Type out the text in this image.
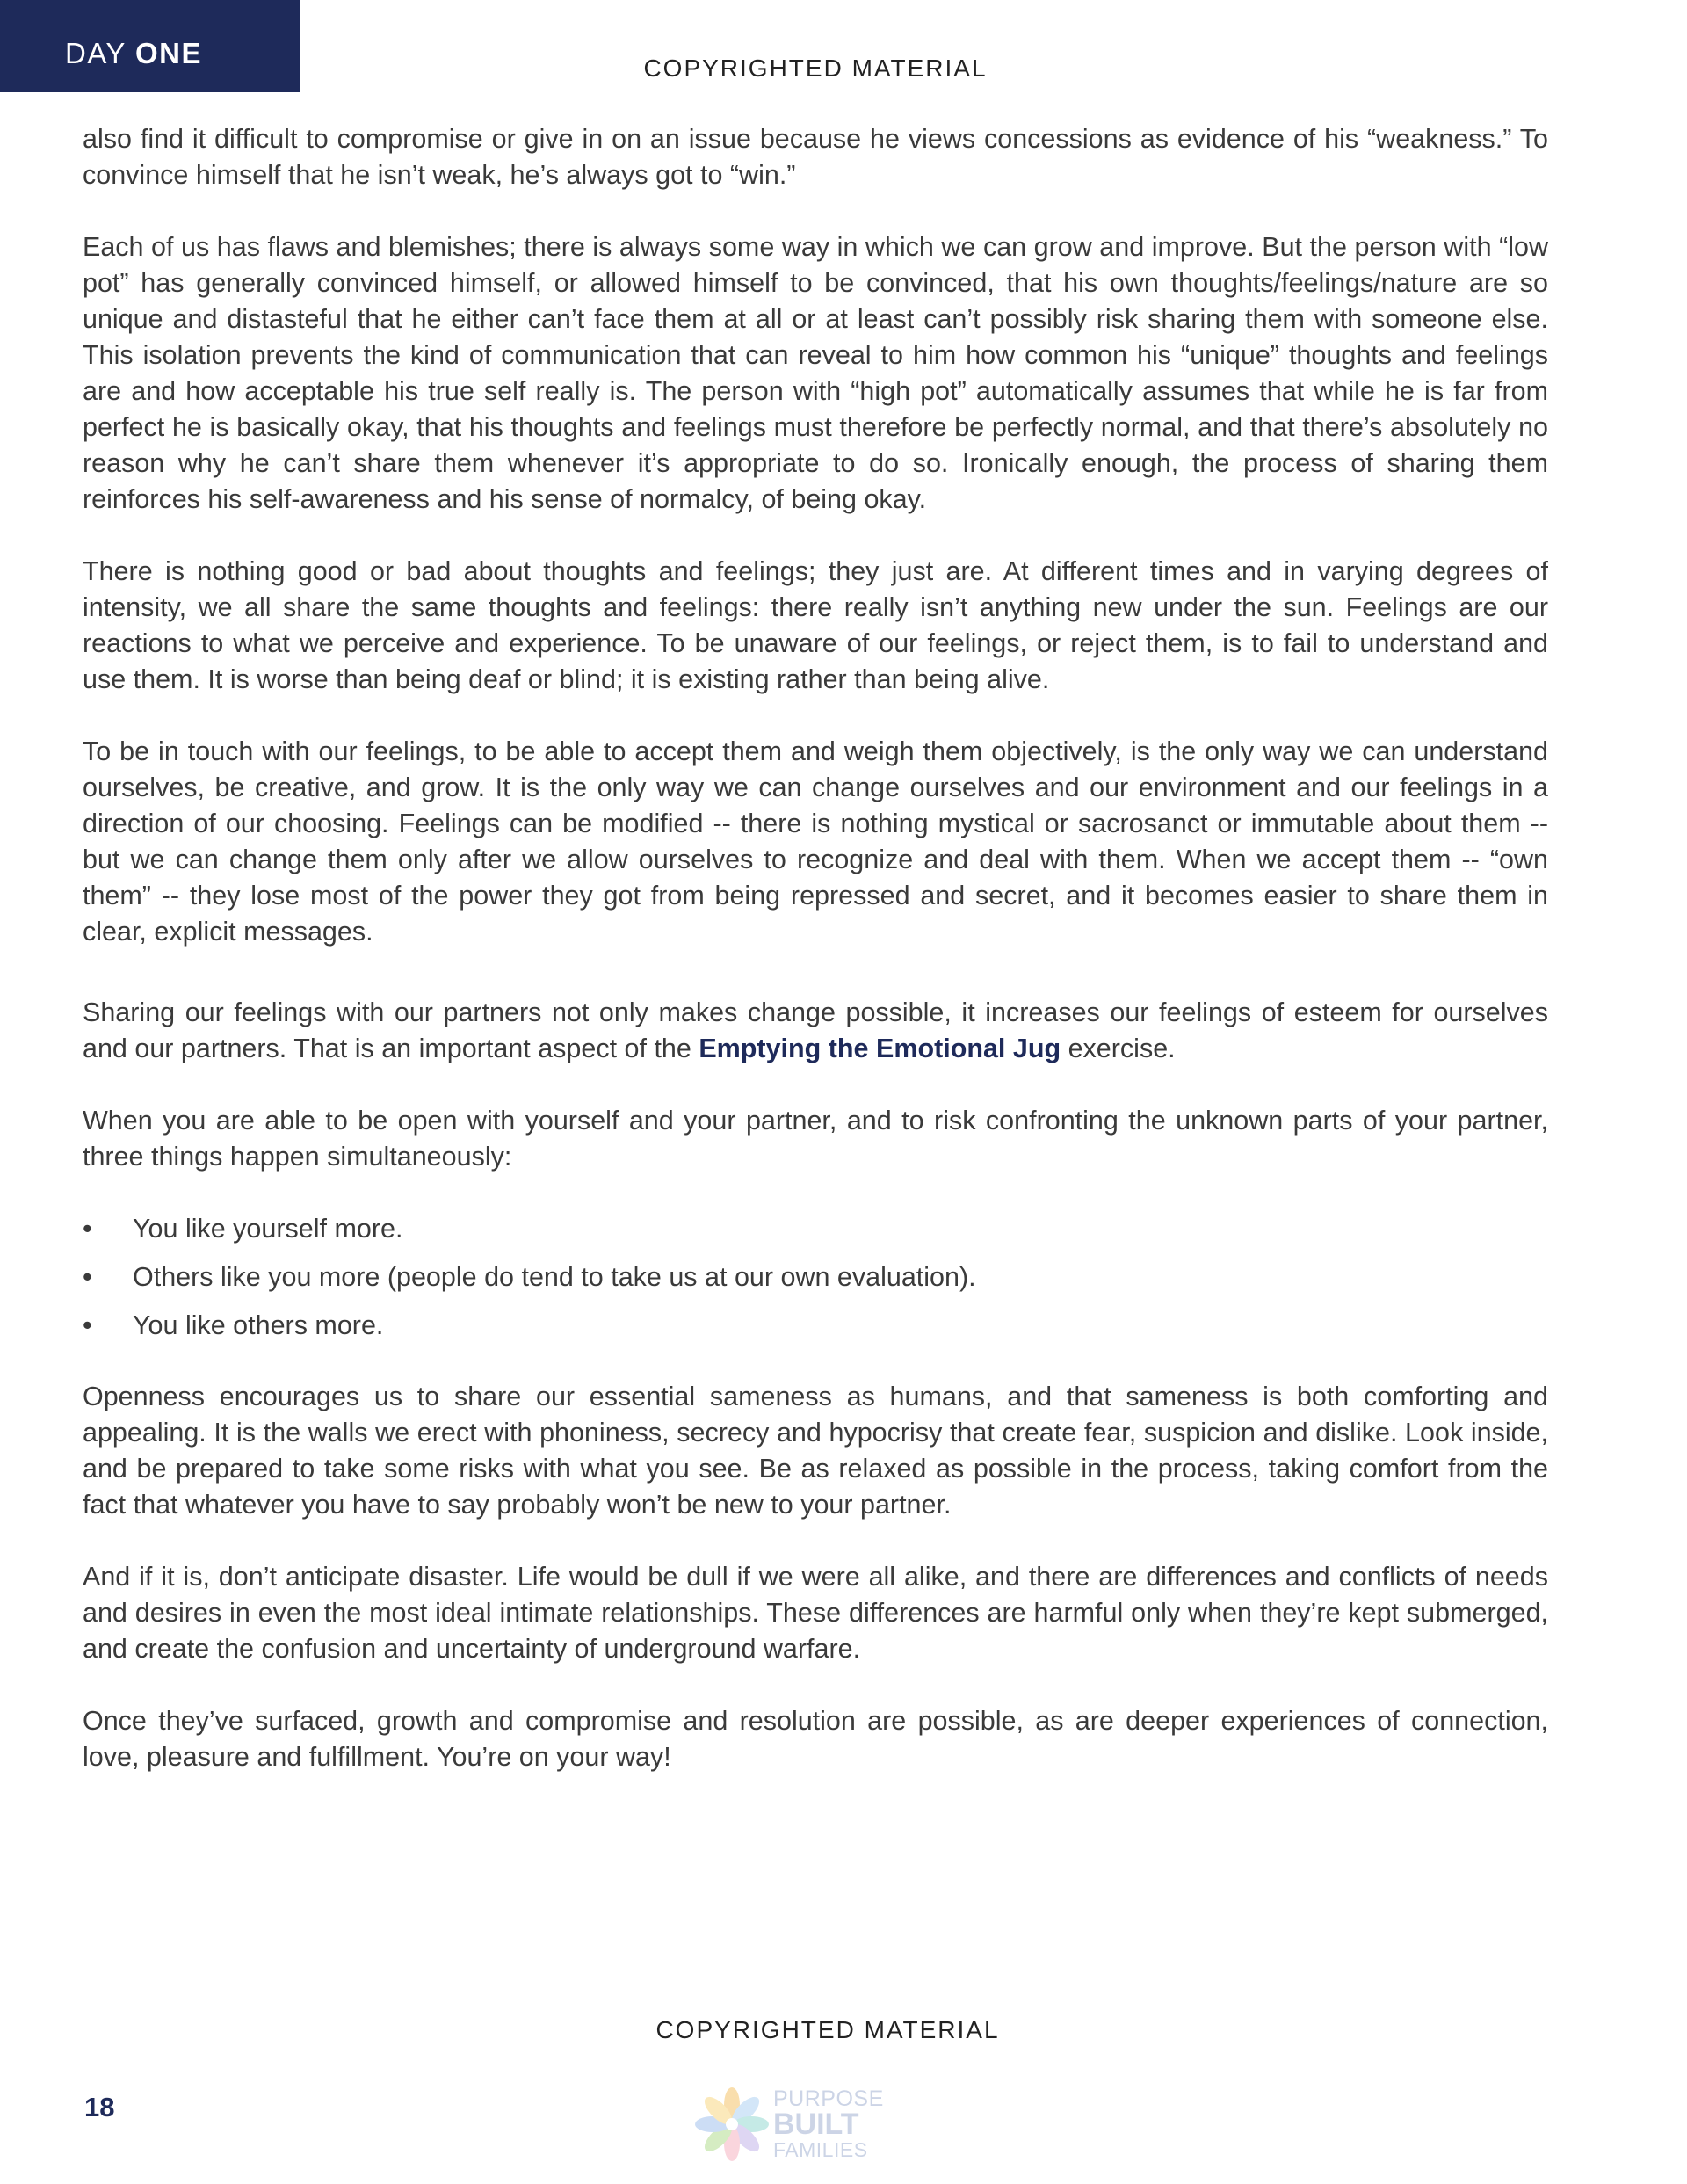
DAY ONE	COPYRIGHTED MATERIAL

also find it difficult to compromise or give in on an issue because he views concessions as evidence of his “weakness.” To convince himself that he isn’t weak, he’s always got to “win.”

Each of us has flaws and blemishes; there is always some way in which we can grow and improve. But the person with “low pot” has generally convinced himself, or allowed himself to be convinced, that his own thoughts/feelings/nature are so unique and distasteful that he either can’t face them at all or at least can’t possibly risk sharing them with someone else. This isolation prevents the kind of communication that can reveal to him how common his “unique” thoughts and feelings are and how acceptable his true self really is. The person with “high pot” automatically assumes that while he is far from perfect he is basically okay, that his thoughts and feelings must therefore be perfectly normal, and that there’s absolutely no reason why he can’t share them whenever it’s appropriate to do so. Ironically enough, the process of sharing them reinforces his self-awareness and his sense of normalcy, of being okay.

There is nothing good or bad about thoughts and feelings; they just are. At different times and in varying degrees of intensity, we all share the same thoughts and feelings: there really isn’t anything new under the sun. Feelings are our reactions to what we perceive and experience. To be unaware of our feelings, or reject them, is to fail to understand and use them. It is worse than being deaf or blind; it is existing rather than being alive.

To be in touch with our feelings, to be able to accept them and weigh them objectively, is the only way we can understand ourselves, be creative, and grow. It is the only way we can change ourselves and our environment and our feelings in a direction of our choosing. Feelings can be modified -- there is nothing mystical or sacrosanct or immutable about them -- but we can change them only after we allow ourselves to recognize and deal with them. When we accept them -- “own them” -- they lose most of the power they got from being repressed and secret, and it becomes easier to share them in clear, explicit messages.

Sharing our feelings with our partners not only makes change possible, it increases our feelings of esteem for ourselves and our partners. That is an important aspect of the Emptying the Emotional Jug exercise.

When you are able to be open with yourself and your partner, and to risk confronting the unknown parts of your partner, three things happen simultaneously:

• You like yourself more.
• Others like you more (people do tend to take us at our own evaluation).
• You like others more.

Openness encourages us to share our essential sameness as humans, and that sameness is both comforting and appealing. It is the walls we erect with phoniness, secrecy and hypocrisy that create fear, suspicion and dislike. Look inside, and be prepared to take some risks with what you see. Be as relaxed as possible in the process, taking comfort from the fact that whatever you have to say probably won’t be new to your partner.

And if it is, don’t anticipate disaster. Life would be dull if we were all alike, and there are differences and conflicts of needs and desires in even the most ideal intimate relationships. These differences are harmful only when they’re kept submerged, and create the confusion and uncertainty of underground warfare.

Once they’ve surfaced, growth and compromise and resolution are possible, as are deeper experiences of connection, love, pleasure and fulfillment. You’re on your way!

COPYRIGHTED MATERIAL
18	PURPOSE
BUILT
FAMILIES
